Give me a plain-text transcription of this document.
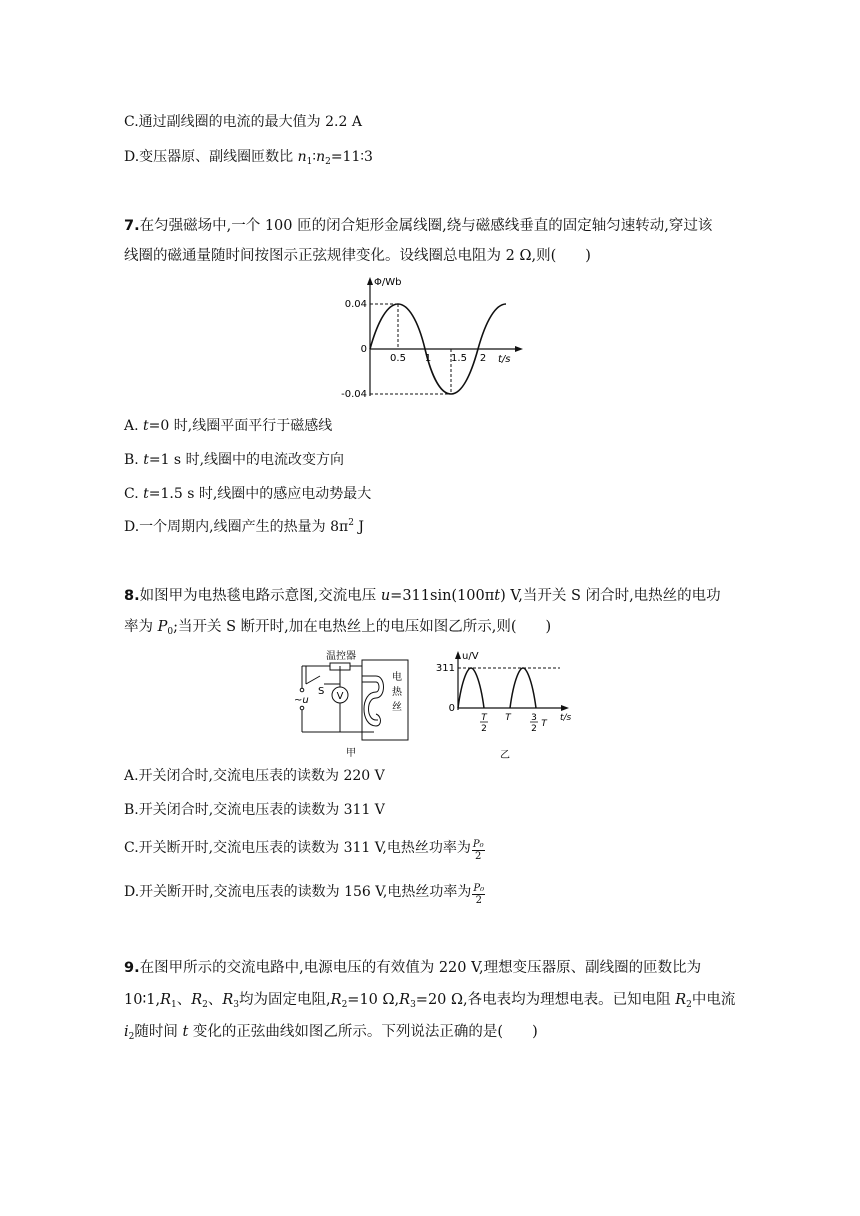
C.通过副线圈的电流的最大值为 2.2 A
D.变压器原、副线圈匝数比 $n_1∶n_2=11∶3$
7.在匀强磁场中,一个 100 匝的闭合矩形金属线圈,绕与磁感线垂直的固定轴匀速转动,穿过该
线圈的磁通量随时间按图示正弦规律变化。设线圈总电阻为 2 Ω,则(　　)
Φ/Wb
t/s
0.04
0
-0.04
0.5 1 1.5 2
A. t=0 时,线圈平面平行于磁感线
B. t=1 s 时,线圈中的电流改变方向
C. t=1.5 s 时,线圈中的感应电动势最大
D.一个周期内,线圈产生的热量为 $8\pi^2$ J
8.如图甲为电热毯电路示意图,交流电压 u=311sin(100πt) V,当开关 S 闭合时,电热丝的电功
率为 $P_0$;当开关 S 断开时,加在电热丝上的电压如图乙所示,则(　　)
温控器
S
~u	V
电
热
丝
甲
u/V
311
0
T
2
T 3
2 T
t/s
乙
A.开关闭合时,交流电压表的读数为 220 V
B.开关闭合时,交流电压表的读数为 311 V
C.开关断开时,交流电压表的读数为 311 V,电热丝功率为 $\frac{\text{P₀}}{2}$
D.开关断开时,交流电压表的读数为 156 V,电热丝功率为 $\frac{\text{P₀}}{2}$
9.在图甲所示的交流电路中,电源电压的有效值为 220 V,理想变压器原、副线圈的匝数比为
$10∶1,R_1$、$R_2$、$R_3$均为固定电阻$,R_2=10$ $\Omega,R_3=20$ Ω,各电表均为理想电表。已知电阻 $R_2$中电流
$i_2$随时间 t 变化的正弦曲线如图乙所示。下列说法正确的是(　　)
